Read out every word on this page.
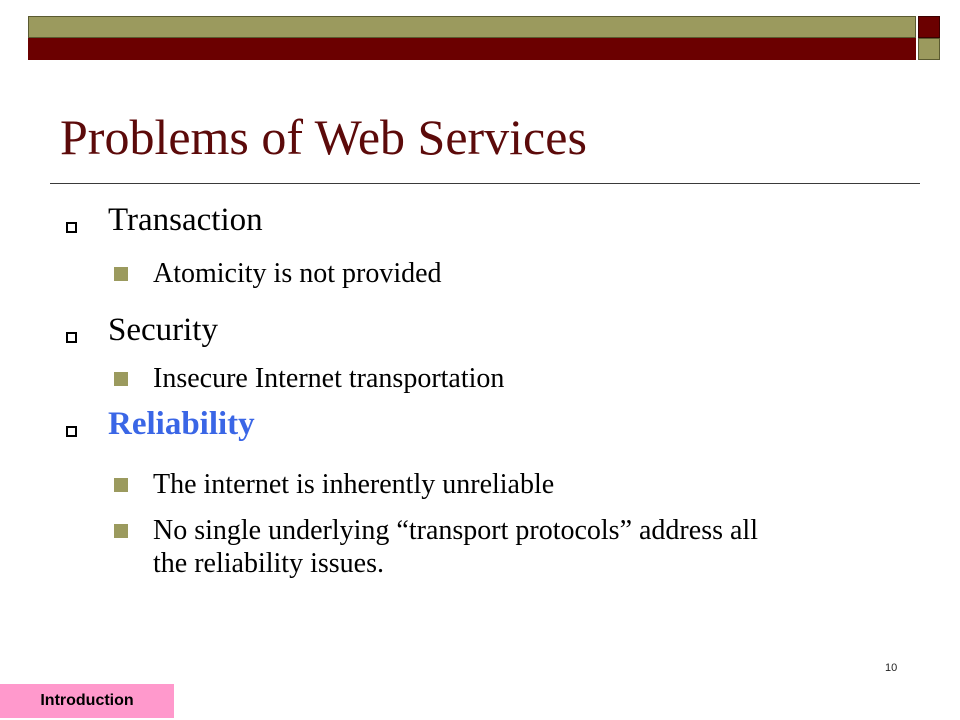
Problems of Web Services
Transaction
Atomicity is not provided
Security
Insecure Internet transportation
Reliability
The internet is inherently unreliable
No single underlying “transport protocols” address all the reliability issues.
10
Introduction
